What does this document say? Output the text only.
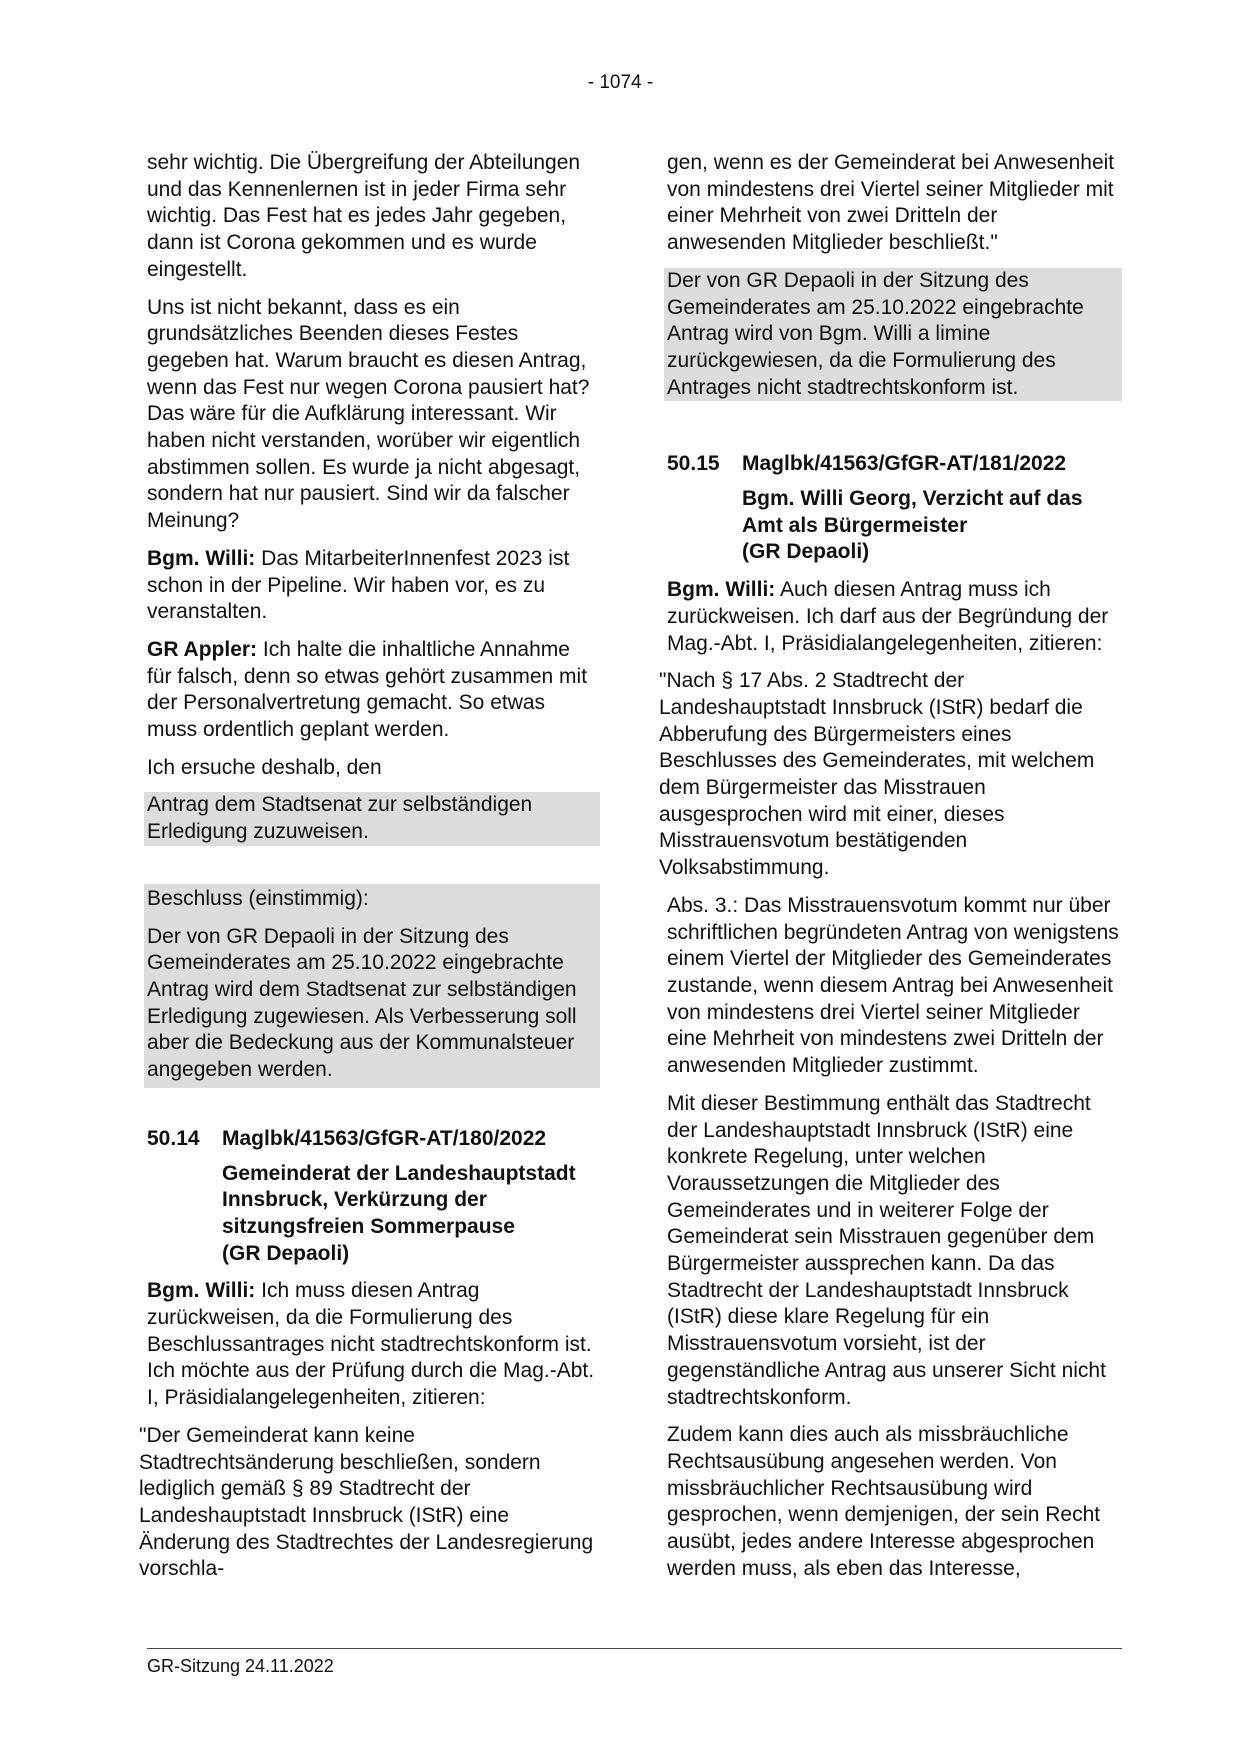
- 1074 -

sehr wichtig. Die Übergreifung der Abteilungen und das Kennenlernen ist in jeder Firma sehr wichtig. Das Fest hat es jedes Jahr gegeben, dann ist Corona gekommen und es wurde eingestellt.

Uns ist nicht bekannt, dass es ein grundsätzliches Beenden dieses Festes gegeben hat. Warum braucht es diesen Antrag, wenn das Fest nur wegen Corona pausiert hat? Das wäre für die Aufklärung interessant. Wir haben nicht verstanden, worüber wir eigentlich abstimmen sollen. Es wurde ja nicht abgesagt, sondern hat nur pausiert. Sind wir da falscher Meinung?

Bgm. Willi: Das MitarbeiterInnenfest 2023 ist schon in der Pipeline. Wir haben vor, es zu veranstalten.

GR Appler: Ich halte die inhaltliche Annahme für falsch, denn so etwas gehört zusammen mit der Personalvertretung gemacht. So etwas muss ordentlich geplant werden.

Ich ersuche deshalb, den

Antrag dem Stadtsenat zur selbständigen Erledigung zuzuweisen.

Beschluss (einstimmig):

Der von GR Depaoli in der Sitzung des Gemeinderates am 25.10.2022 eingebrachte Antrag wird dem Stadtsenat zur selbständigen Erledigung zugewiesen. Als Verbesserung soll aber die Bedeckung aus der Kommunalsteuer angegeben werden.

50.14	Maglbk/41563/GfGR-AT/180/2022
Gemeinderat der Landeshauptstadt Innsbruck, Verkürzung der sitzungsfreien Sommerpause
(GR Depaoli)

Bgm. Willi: Ich muss diesen Antrag zurückweisen, da die Formulierung des Beschlussantrages nicht stadtrechtskonform ist. Ich möchte aus der Prüfung durch die Mag.-Abt. I, Präsidialangelegenheiten, zitieren:

"Der Gemeinderat kann keine Stadtrechtsänderung beschließen, sondern lediglich gemäß § 89 Stadtrecht der Landeshauptstadt Innsbruck (IStR) eine Änderung des Stadtrechtes der Landesregierung vorschla-

gen, wenn es der Gemeinderat bei Anwesenheit von mindestens drei Viertel seiner Mitglieder mit einer Mehrheit von zwei Dritteln der anwesenden Mitglieder beschließt."

Der von GR Depaoli in der Sitzung des Gemeinderates am 25.10.2022 eingebrachte Antrag wird von Bgm. Willi a limine zurückgewiesen, da die Formulierung des Antrages nicht stadtrechtskonform ist.

50.15	Maglbk/41563/GfGR-AT/181/2022
Bgm. Willi Georg, Verzicht auf das Amt als Bürgermeister
(GR Depaoli)

Bgm. Willi: Auch diesen Antrag muss ich zurückweisen. Ich darf aus der Begründung der Mag.-Abt. I, Präsidialangelegenheiten, zitieren:

"Nach § 17 Abs. 2 Stadtrecht der Landeshauptstadt Innsbruck (IStR) bedarf die Abberufung des Bürgermeisters eines Beschlusses des Gemeinderates, mit welchem dem Bürgermeister das Misstrauen ausgesprochen wird mit einer, dieses Misstrauensvotum bestätigenden Volksabstimmung.

Abs. 3.: Das Misstrauensvotum kommt nur über schriftlichen begründeten Antrag von wenigstens einem Viertel der Mitglieder des Gemeinderates zustande, wenn diesem Antrag bei Anwesenheit von mindestens drei Viertel seiner Mitglieder eine Mehrheit von mindestens zwei Dritteln der anwesenden Mitglieder zustimmt.

Mit dieser Bestimmung enthält das Stadtrecht der Landeshauptstadt Innsbruck (IStR) eine konkrete Regelung, unter welchen Voraussetzungen die Mitglieder des Gemeinderates und in weiterer Folge der Gemeinderat sein Misstrauen gegenüber dem Bürgermeister aussprechen kann. Da das Stadtrecht der Landeshauptstadt Innsbruck (IStR) diese klare Regelung für ein Misstrauensvotum vorsieht, ist der gegenständliche Antrag aus unserer Sicht nicht stadtrechtskonform.

Zudem kann dies auch als missbräuchliche Rechtsausübung angesehen werden. Von missbräuchlicher Rechtsausübung wird gesprochen, wenn demjenigen, der sein Recht ausübt, jedes andere Interesse abgesprochen werden muss, als eben das Interesse,

GR-Sitzung 24.11.2022
